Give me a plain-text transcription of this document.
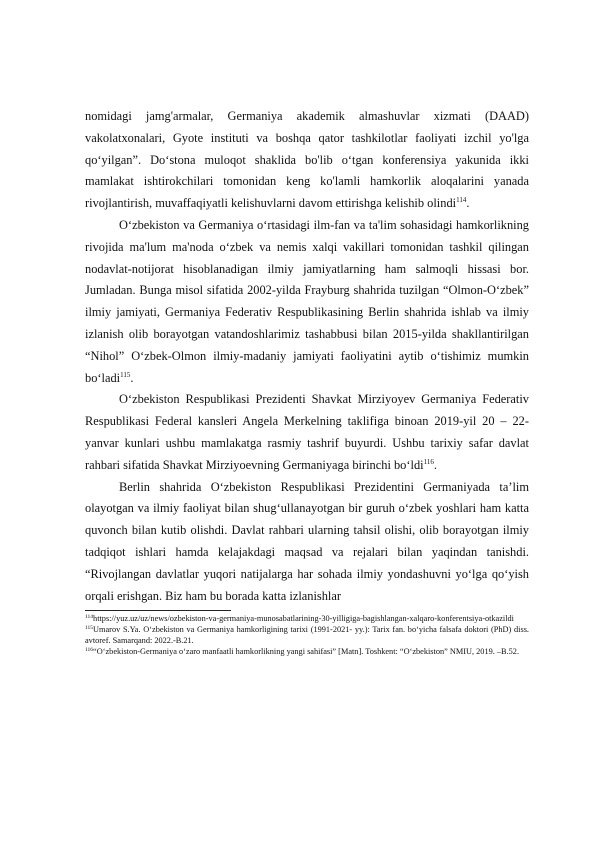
nomidagi jamg'armalar, Germaniya akademik almashuvlar xizmati (DAAD) vakolatxonalari, Gyote instituti va boshqa qator tashkilotlar faoliyati izchil yo'lga qo‘yilgan”. Do‘stona muloqot shaklida bo'lib o‘tgan konferensiya yakunida ikki mamlakat ishtirokchilari tomonidan keng ko'lamli hamkorlik aloqalarini yanada rivojlantirish, muvaffaqiyatli kelishuvlarni davom ettirishga kelishib olindi$^{114}$.

O‘zbekiston va Germaniya o‘rtasidagi ilm-fan va ta'lim sohasidagi hamkorlikning rivojida ma'lum ma'noda o‘zbek va nemis xalqi vakillari tomonidan tashkil qilingan nodavlat-notijorat hisoblanadigan ilmiy jamiyatlarning ham salmoqli hissasi bor. Jumladan. Bunga misol sifatida 2002-yilda Frayburg shahrida tuzilgan “Olmon-O‘zbek” ilmiy jamiyati, Germaniya Federativ Respublikasining Berlin shahrida ishlab va ilmiy izlanish olib borayotgan vatandoshlarimiz tashabbusi bilan 2015-yilda shakllantirilgan “Nihol” O‘zbek-Olmon ilmiy-madaniy jamiyati faoliyatini aytib o‘tishimiz mumkin bo‘ladi$^{115}$.

O‘zbekiston Respublikasi Prezidenti Shavkat Mirziyoyev Germaniya Federativ Respublikasi Federal kansleri Angela Merkelning taklifiga binoan 2019-yil 20 – 22-yanvar kunlari ushbu mamlakatga rasmiy tashrif buyurdi. Ushbu tarixiy safar davlat rahbari sifatida Shavkat Mirziyoevning Germaniyaga birinchi bo‘ldi$^{116}$.

Berlin shahrida O‘zbekiston Respublikasi Prezidentini Germaniyada ta’lim olayotgan va ilmiy faoliyat bilan shug‘ullanayotgan bir guruh o‘zbek yoshlari ham katta quvonch bilan kutib olishdi. Davlat rahbari ularning tahsil olishi, olib borayotgan ilmiy tadqiqot ishlari hamda kelajakdagi maqsad va rejalari bilan yaqindan tanishdi. “Rivojlangan davlatlar yuqori natijalarga har sohada ilmiy yondashuvni yo‘lga qo‘yish orqali erishgan. Biz ham bu borada katta izlanishlar

$^{114}$https://yuz.uz/uz/news/ozbekiston-va-germaniya-munosabatlarining-30-yilligiga-bagishlangan-xalqaro-konferentsiya-otkazildi

$^{115}$Umarov S.Ya. O‘zbekiston va Germaniya hamkorligining tarixi (1991-2021- yy.): Tarix fan. bo‘yicha falsafa doktori (PhD) diss. avtoref. Samarqand: 2022.-B.21.

$^{116}$“O‘zbekiston-Germaniya o‘zaro manfaatli hamkorlikning yangi sahifasi” [Matn]. Toshkent: “O‘zbekiston” NMIU, 2019. –B.52.
